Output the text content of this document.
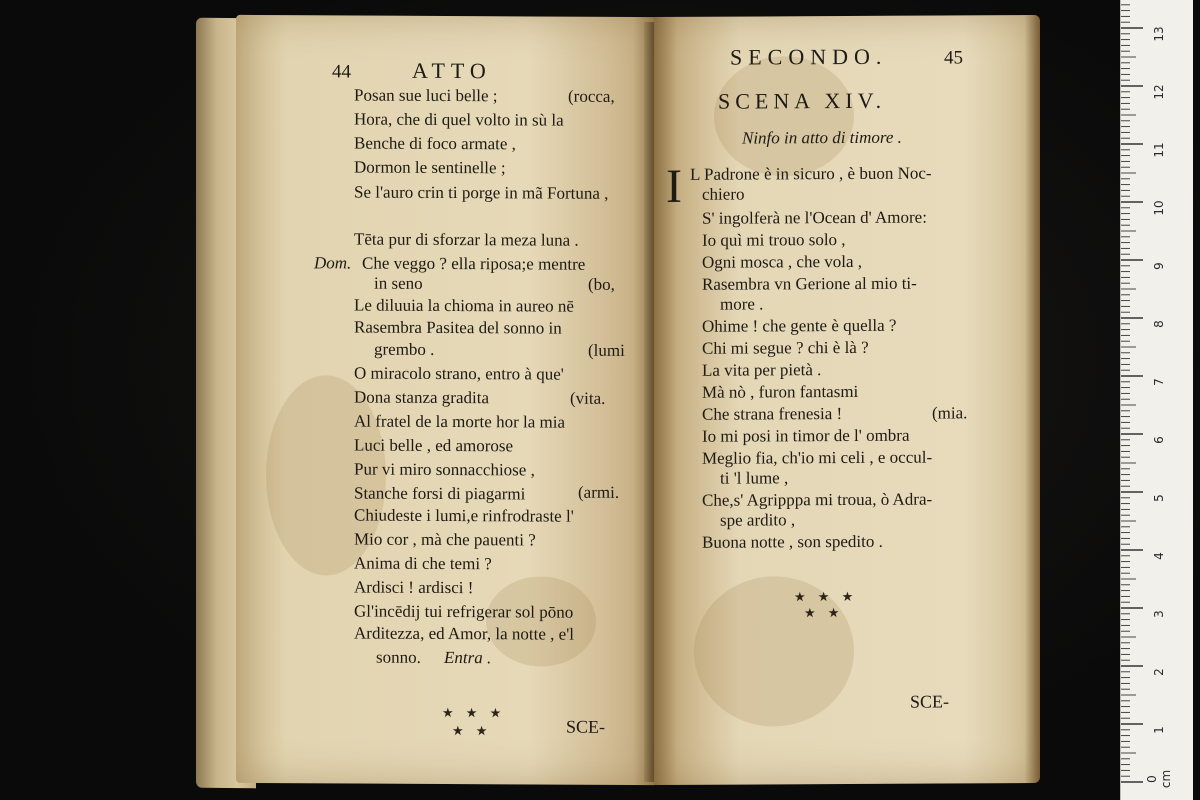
44	ATTO
Posan sue luci belle ;	(rocca,
Hora, che di quel volto in sù la
Benche di foco armate ,
Dormon le sentinelle ;
Se l'auro crin ti porge in mã Fortuna ,
Tēta pur di sforzar la meza luna .
Dom. Che veggo ? ella riposa;e mentre
in seno	(bo,
Le diluuia la chioma in aureo nē
Rasembra Pasitea del sonno in
grembo .	(lumi
O miracolo strano, entro à que'
Dona stanza gradita	(vita.
Al fratel de la morte hor la mia
Luci belle , ed amorose
Pur vi miro sonnacchiose ,
Stanche forsi di piagarmi	(armi.
Chiudeste i lumi,e rinfrodraste l'
Mio cor , mà che pauenti ?
Anima di che temi ?
Ardisci ! ardisci !
Gl'incēdij tui refrigerar sol pōno
Arditezza, ed Amor, la notte , e'l
sonno. Entra .
★ ★ ★
★ ★	SCE-
SECONDO.	45
SCENA XIV.
Ninfo in atto di timore .
I L Padrone è in sicuro , è buon Noc-
chiero
S' ingolferà ne l'Ocean d' Amore:
Io quì mi trouo solo ,
Ogni mosca , che vola ,
Rasembra vn Gerione al mio ti-
more .
Ohime ! che gente è quella ?
Chi mi segue ? chi è là ?
La vita per pietà .
Mà nò , furon fantasmi
Che strana frenesia !	(mia.
Io mi posi in timor de l' ombra
Meglio fia, ch'io mi celi , e occul-
ti 'l lume ,
Che,s' Agripppa mi troua, ò Adra-
spe ardito ,
Buona notte , son spedito .
★ ★ ★
★ ★
SCE-
0 cm
1
2
3
4
5
6
7
8
9
10
11
12
13
